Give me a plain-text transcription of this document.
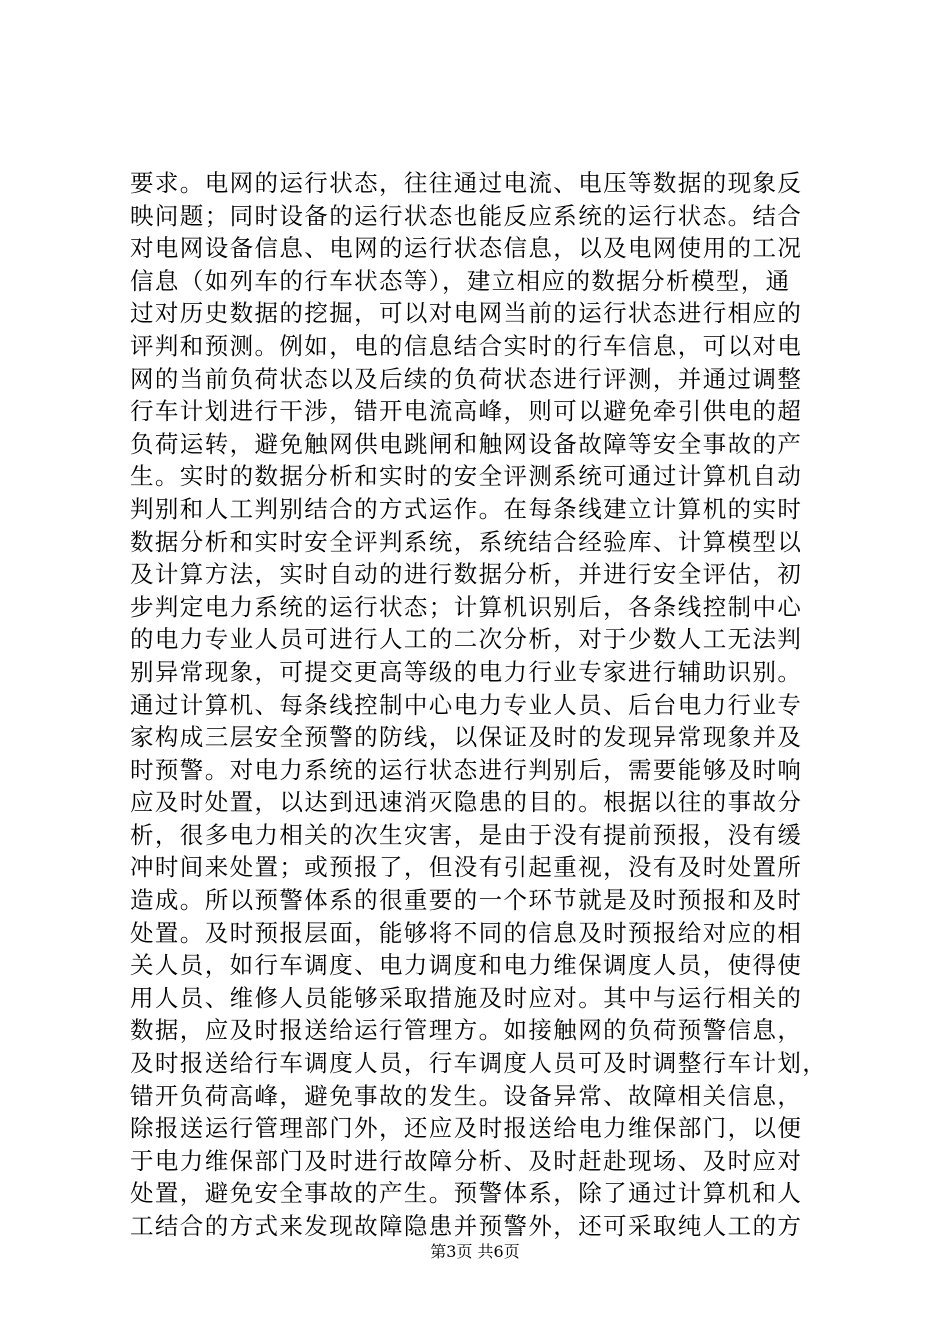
要求。电网的运行状态，往往通过电流、电压等数据的现象反
映问题；同时设备的运行状态也能反应系统的运行状态。结合
对电网设备信息、电网的运行状态信息，以及电网使用的工况
信息（如列车的行车状态等），建立相应的数据分析模型，通
过对历史数据的挖掘，可以对电网当前的运行状态进行相应的
评判和预测。例如，电的信息结合实时的行车信息，可以对电
网的当前负荷状态以及后续的负荷状态进行评测，并通过调整
行车计划进行干涉，错开电流高峰，则可以避免牵引供电的超
负荷运转，避免触网供电跳闸和触网设备故障等安全事故的产
生。实时的数据分析和实时的安全评测系统可通过计算机自动
判别和人工判别结合的方式运作。在每条线建立计算机的实时
数据分析和实时安全评判系统，系统结合经验库、计算模型以
及计算方法，实时自动的进行数据分析，并进行安全评估，初
步判定电力系统的运行状态；计算机识别后，各条线控制中心
的电力专业人员可进行人工的二次分析，对于少数人工无法判
别异常现象，可提交更高等级的电力行业专家进行辅助识别。
通过计算机、每条线控制中心电力专业人员、后台电力行业专
家构成三层安全预警的防线，以保证及时的发现异常现象并及
时预警。对电力系统的运行状态进行判别后，需要能够及时响
应及时处置，以达到迅速消灭隐患的目的。根据以往的事故分
析，很多电力相关的次生灾害，是由于没有提前预报，没有缓
冲时间来处置；或预报了，但没有引起重视，没有及时处置所
造成。所以预警体系的很重要的一个环节就是及时预报和及时
处置。及时预报层面，能够将不同的信息及时预报给对应的相
关人员，如行车调度、电力调度和电力维保调度人员，使得使
用人员、维修人员能够采取措施及时应对。其中与运行相关的
数据，应及时报送给运行管理方。如接触网的负荷预警信息，
及时报送给行车调度人员，行车调度人员可及时调整行车计划，
错开负荷高峰，避免事故的发生。设备异常、故障相关信息，
除报送运行管理部门外，还应及时报送给电力维保部门，以便
于电力维保部门及时进行故障分析、及时赶赴现场、及时应对
处置，避免安全事故的产生。预警体系，除了通过计算机和人
工结合的方式来发现故障隐患并预警外，还可采取纯人工的方
第3页 共6页
